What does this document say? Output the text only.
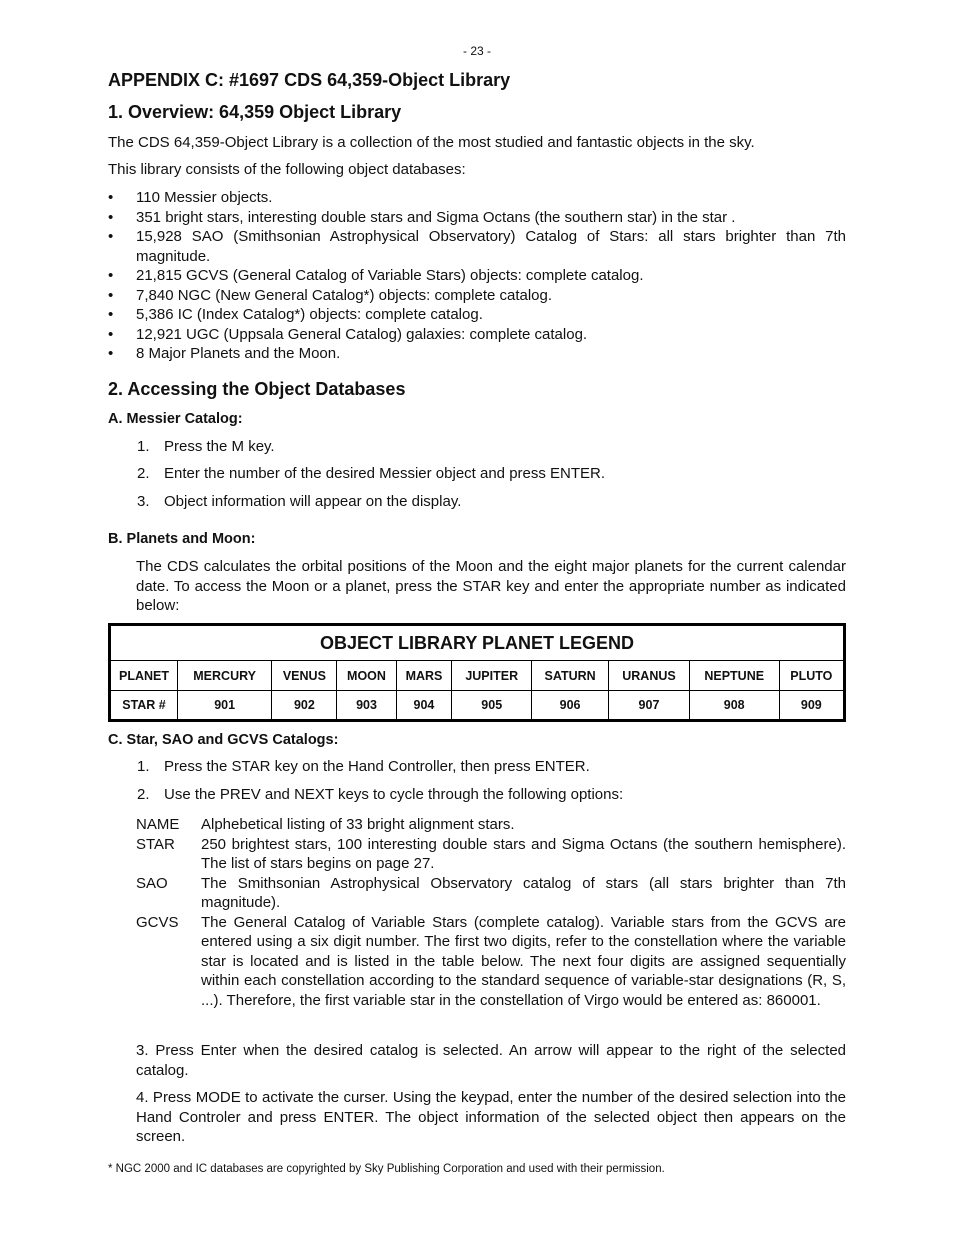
- 23 -
APPENDIX C: #1697 CDS 64,359-Object Library
1. Overview: 64,359 Object Library
The CDS 64,359-Object Library is a collection of the most studied and fantastic objects in the sky.
This library consists of the following object databases:
• 110 Messier objects.
• 351 bright stars, interesting double stars and Sigma Octans (the southern star) in the star .
• 15,928 SAO (Smithsonian Astrophysical Observatory) Catalog of Stars: all stars brighter than 7th magnitude.
• 21,815 GCVS (General Catalog of Variable Stars) objects: complete catalog.
• 7,840 NGC (New General Catalog*) objects: complete catalog.
• 5,386 IC (Index Catalog*) objects: complete catalog.
• 12,921 UGC (Uppsala General Catalog) galaxies: complete catalog.
• 8 Major Planets and the Moon.
2. Accessing the Object Databases
A. Messier Catalog:
1. Press the M key.
2. Enter the number of the desired Messier object and press ENTER.
3. Object information will appear on the display.
B. Planets and Moon:
The CDS calculates the orbital positions of the Moon and the eight major planets for the current calendar date. To access the Moon or a planet, press the STAR key and enter the appropriate number as indicated below:
OBJECT LIBRARY PLANET LEGEND									
PLANET	MERCURY	VENUS	MOON	MARS	JUPITER	SATURN	URANUS	NEPTUNE	PLUTO
STAR #	901	902	903	904	905	906	907	908	909
C. Star, SAO and GCVS Catalogs:
1. Press the STAR key on the Hand Controller, then press ENTER.
2. Use the PREV and NEXT keys to cycle through the following options:
NAME	Alphebetical listing of 33 bright alignment stars.
STAR	250 brightest stars, 100 interesting double stars and Sigma Octans (the southern hemisphere). The list of stars begins on page 27.
SAO	The Smithsonian Astrophysical Observatory catalog of stars (all stars brighter than 7th magnitude).
GCVS	The General Catalog of Variable Stars (complete catalog). Variable stars from the GCVS are entered using a six digit number. The first two digits, refer to the constellation where the variable star is located and is listed in the table below. The next four digits are assigned sequentially within each constellation according to the standard sequence of variable-star designations (R, S, ...). Therefore, the first variable star in the constellation of Virgo would be entered as: 860001.
3. Press Enter when the desired catalog is selected. An arrow will appear to the right of the selected catalog.
4. Press MODE to activate the curser. Using the keypad, enter the number of the desired selection into the Hand Controler and press ENTER. The object information of the selected object then appears on the screen.
* NGC 2000 and IC databases are copyrighted by Sky Publishing Corporation and used with their permission.
